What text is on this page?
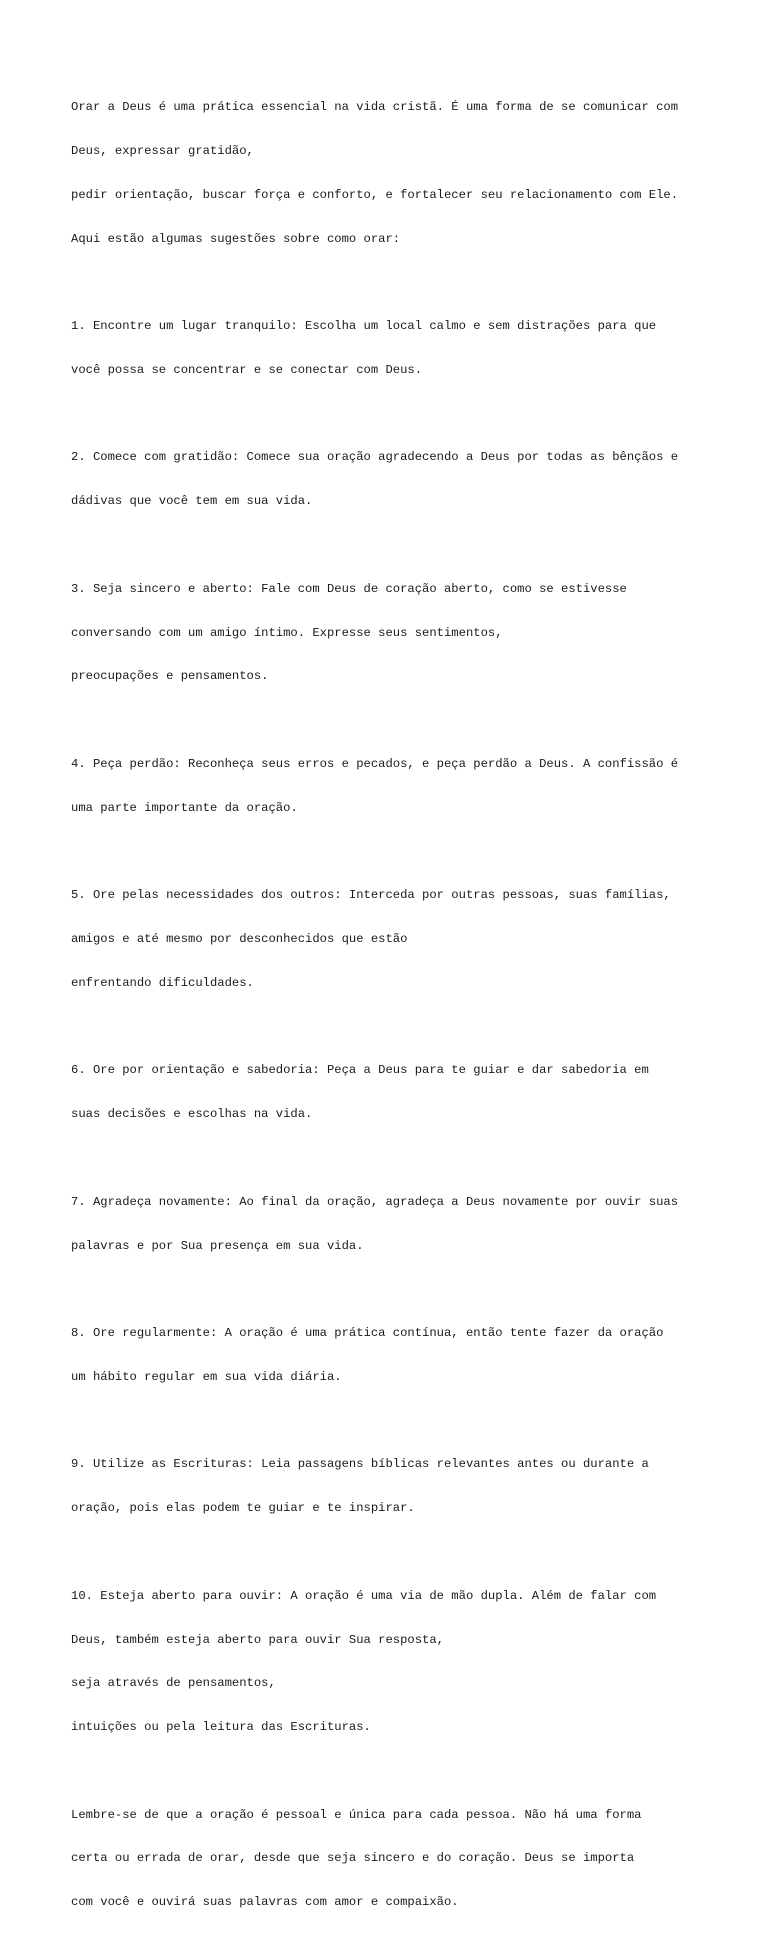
Orar a Deus é uma prática essencial na vida cristã. É uma forma de se comunicar com

Deus, expressar gratidão,

pedir orientação, buscar força e conforto, e fortalecer seu relacionamento com Ele.

Aqui estão algumas sugestões sobre como orar:

1. Encontre um lugar tranquilo: Escolha um local calmo e sem distrações para que

você possa se concentrar e se conectar com Deus.

2. Comece com gratidão: Comece sua oração agradecendo a Deus por todas as bênçãos e

dádivas que você tem em sua vida.

3. Seja sincero e aberto: Fale com Deus de coração aberto, como se estivesse

conversando com um amigo íntimo. Expresse seus sentimentos,

preocupações e pensamentos.

4. Peça perdão: Reconheça seus erros e pecados, e peça perdão a Deus. A confissão é

uma parte importante da oração.

5. Ore pelas necessidades dos outros: Interceda por outras pessoas, suas famílias,

amigos e até mesmo por desconhecidos que estão

enfrentando dificuldades.

6. Ore por orientação e sabedoria: Peça a Deus para te guiar e dar sabedoria em

suas decisões e escolhas na vida.

7. Agradeça novamente: Ao final da oração, agradeça a Deus novamente por ouvir suas

palavras e por Sua presença em sua vida.

8. Ore regularmente: A oração é uma prática contínua, então tente fazer da oração

um hábito regular em sua vida diária.

9. Utilize as Escrituras: Leia passagens bíblicas relevantes antes ou durante a

oração, pois elas podem te guiar e te inspirar.

10. Esteja aberto para ouvir: A oração é uma via de mão dupla. Além de falar com

Deus, também esteja aberto para ouvir Sua resposta,

seja através de pensamentos,

intuições ou pela leitura das Escrituras.

Lembre-se de que a oração é pessoal e única para cada pessoa. Não há uma forma

certa ou errada de orar, desde que seja sincero e do coração. Deus se importa

com você e ouvirá suas palavras com amor e compaixão.
